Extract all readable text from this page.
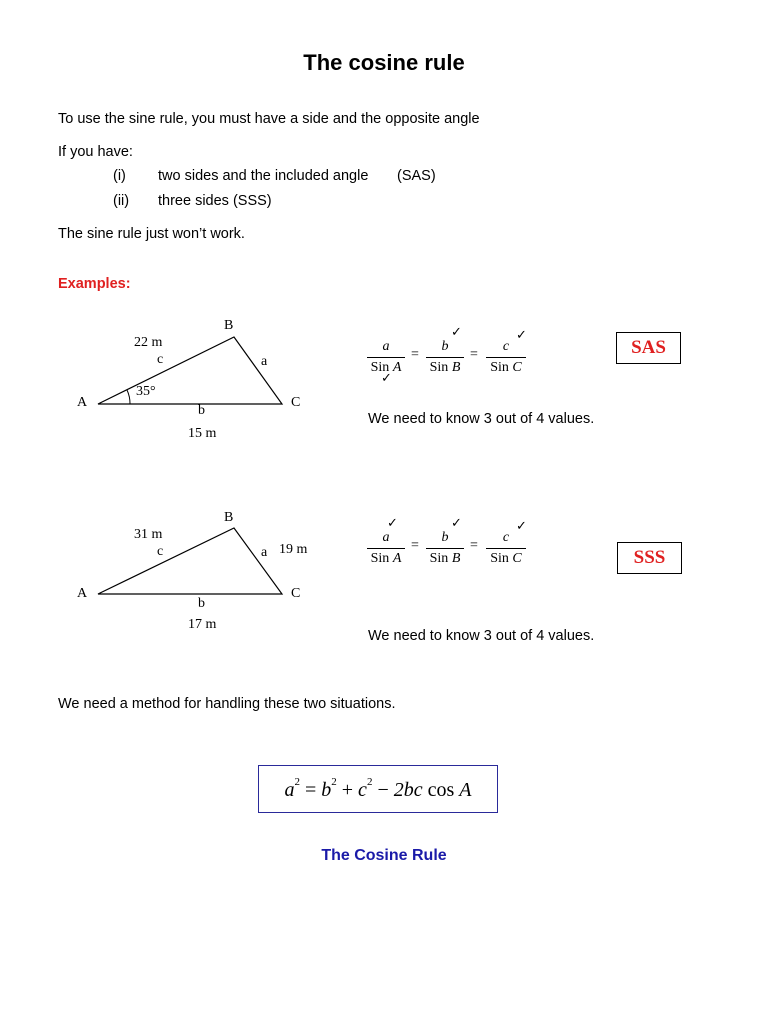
The cosine rule
To use the sine rule, you must have a side and the opposite angle
If you have:
(i) two sides and the included angle (SAS)
(ii) three sides (SSS)
The sine rule just won’t work.
Examples:
B
A	C
22 m
c	a
35°
b
15 m
✓	✓
a
Sin A
=
b
Sin B
=
c
Sin C
✓
SAS
We need to know 3 out of 4 values.
B
A	C
31 m
c	a 19 m
b
17 m
✓	✓	✓
a
Sin A
=
b
Sin B
=
c
Sin C	SSS
We need to know 3 out of 4 values.
We need a method for handling these two situations.
$a^2 = b^2 + c^2 - 2bc$ cos A
The Cosine Rule
